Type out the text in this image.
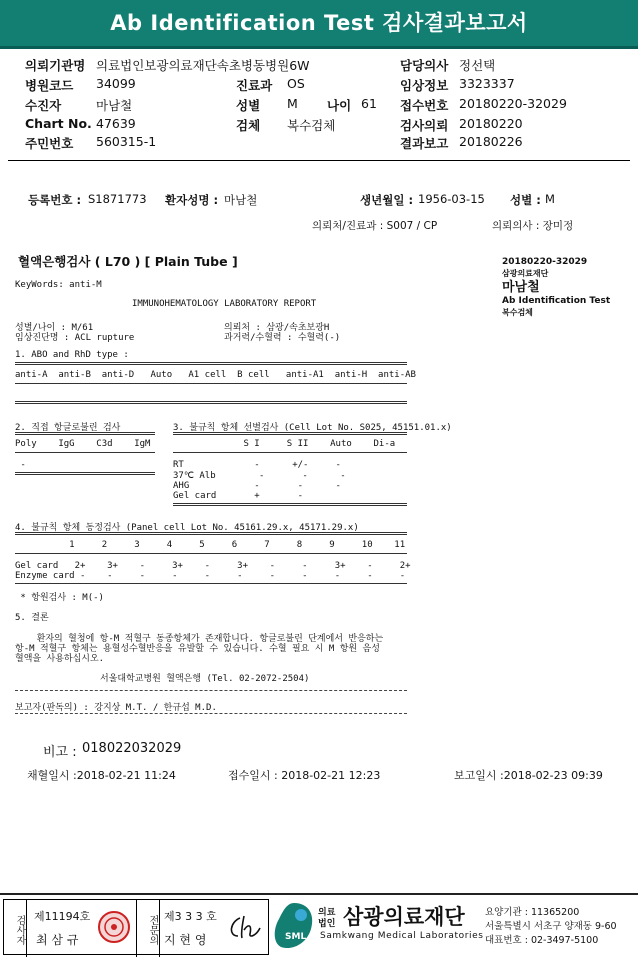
Ab Identification Test 검사결과보고서
의뢰기관명 의료법인보광의료재단속초병동병원6W	담당의사 정선택
병원코드 34099	진료과 OS	임상정보 3323337
수진자	마남철	성별 M 나이 61 접수번호 20180220-32029
Chart No. 47639	검체 복수검체	검사의뢰 20180220
주민번호 560315-1	결과보고 20180226
등록번호 : S1871773 환자성명 : 마남철	생년월일 : 1956-03-15 성별 : M
의뢰처/진료과 : S007 / CP	의뢰의사 : 장미정
혈액은행검사 ( L70 ) [ Plain Tube ]	20180220-32029
삼광의료재단
마남철
Ab Identification Test
복수검체
KeyWords: anti-M
IMMUNOHEMATOLOGY LABORATORY REPORT
성별/나이 : M/61
임상진단명 : ACL rupture
의뢰처 : 삼광/속초보광H
과거력/수혈력 : 수혈력(-)
1. ABO and RhD type :
anti-A  anti-B  anti-D   Auto   A1 cell  B cell   anti-A1  anti-H  anti-AB
2. 직접 항글로불린 검사
Poly    IgG    C3d    IgM
-
3. 불규칙 항체 선별검사 (Cell Lot No. S025, 45151.01.x)
S I     S II    Auto    Di-a
RT             -      +/-     -
37℃ Alb        -       -      -
AHG            -       -      -
Gel card       +       -
4. 불규칙 항체 동정검사 (Panel cell Lot No. 45161.29.x, 45171.29.x)
1     2     3     4     5     6     7     8     9     10    11
Gel card   2+    3+    -     3+    -     3+    -     -     3+    -     2+
Enzyme card -    -     -     -     -     -     -     -     -     -     -
* 항원검사 : M(-)
5. 결론
환자의 혈청에 항-M 적혈구 동종항체가 존재합니다. 항글로불린 단계에서 반응하는
항-M 적혈구 항체는 용혈성수혈반응을 유발할 수 있습니다. 수혈 필요 시 M 항원 음성
혈액을 사용하십시오.
서울대학교병원 혈액은행 (Tel. 02-2072-2504)
보고자(판독의) : 강지상 M.T. / 한규섭 M.D.
비고 : 018022032029
채혈일시 :2018-02-21 11:24	접수일시 : 2018-02-21 12:23	보고일시 :2018-02-23 09:39
검사자 제11194호
최 삼 규	전문의 제3 3 3 호
지 현 영	SML
의료법인 삼광의료재단
Samkwang Medical Laboratories
요양기관 : 11365200
서울특별시 서초구 양재동 9-60
대표번호 : 02-3497-5100
